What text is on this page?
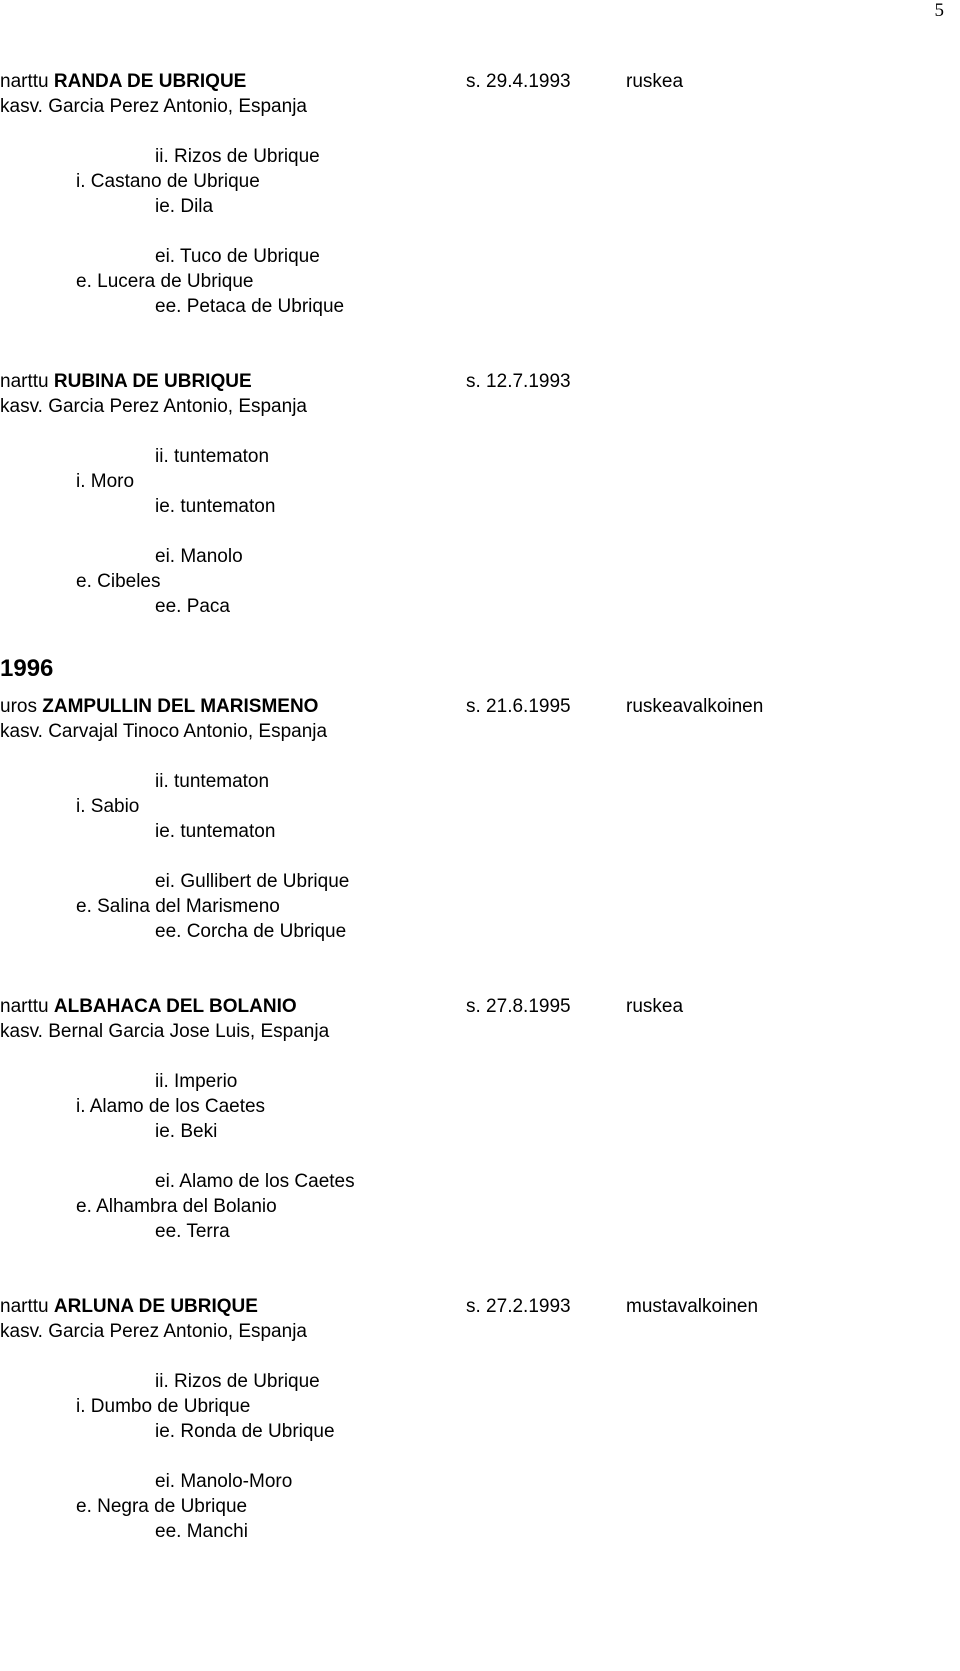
5
narttu RANDA DE UBRIQUE	s. 29.4.1993	ruskea
kasv. Garcia Perez Antonio, Espanja
ii. Rizos de Ubrique
i. Castano de Ubrique
ie. Dila
ei. Tuco de Ubrique
e. Lucera de Ubrique
ee. Petaca de Ubrique
narttu RUBINA DE UBRIQUE	s. 12.7.1993
kasv. Garcia Perez Antonio, Espanja
ii. tuntematon
i. Moro
ie. tuntematon
ei. Manolo
e. Cibeles
ee. Paca
1996
uros ZAMPULLIN DEL MARISMENO	s. 21.6.1995	ruskeavalkoinen
kasv. Carvajal Tinoco Antonio, Espanja
ii. tuntematon
i. Sabio
ie. tuntematon
ei. Gullibert de Ubrique
e. Salina del Marismeno
ee. Corcha de Ubrique
narttu ALBAHACA DEL BOLANIO	s. 27.8.1995	ruskea
kasv. Bernal Garcia Jose Luis, Espanja
ii. Imperio
i. Alamo de los Caetes
ie. Beki
ei. Alamo de los Caetes
e. Alhambra del Bolanio
ee. Terra
narttu ARLUNA DE UBRIQUE	s. 27.2.1993	mustavalkoinen
kasv. Garcia Perez Antonio, Espanja
ii. Rizos de Ubrique
i. Dumbo de Ubrique
ie. Ronda de Ubrique
ei. Manolo-Moro
e. Negra de Ubrique
ee. Manchi
